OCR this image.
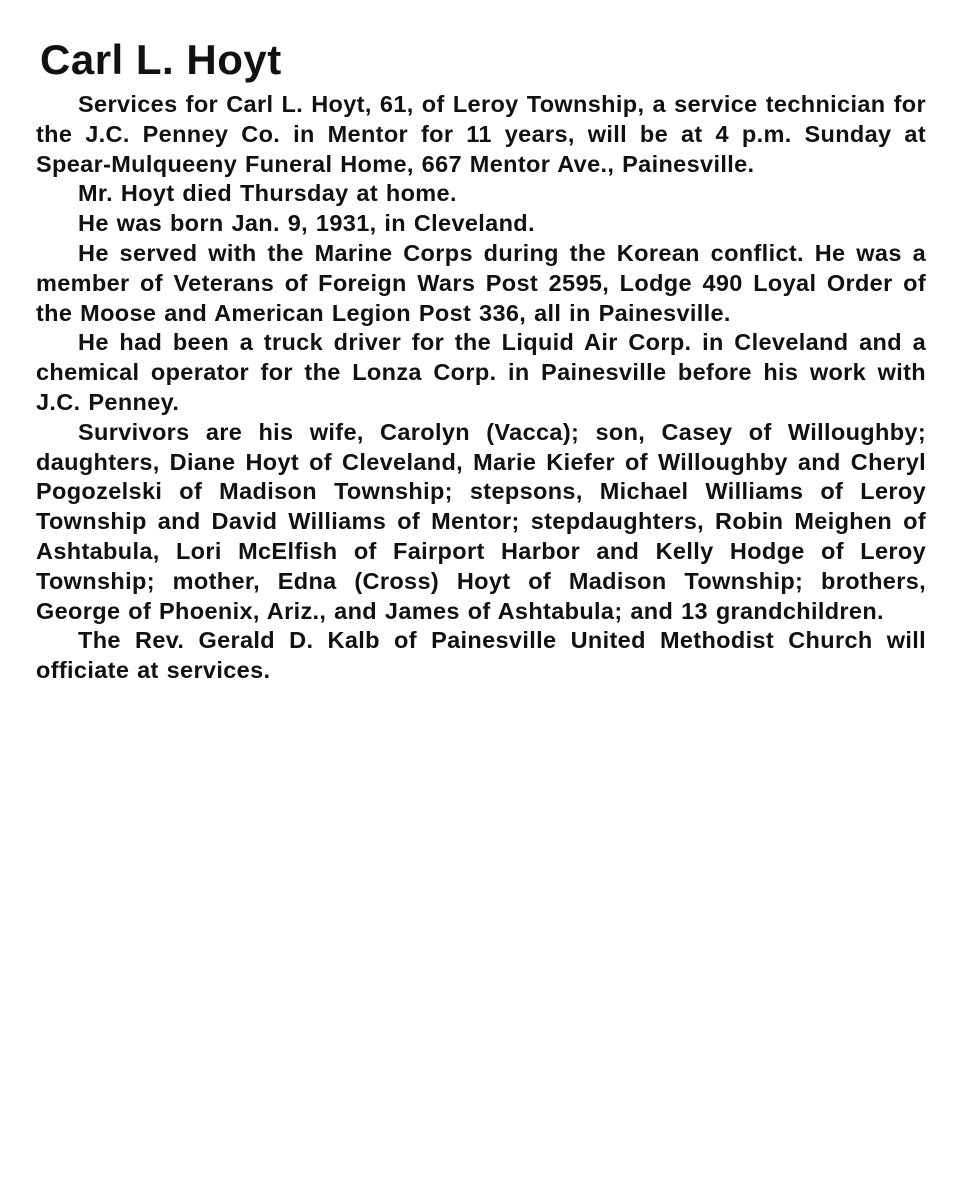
Carl L. Hoyt

Services for Carl L. Hoyt, 61, of Leroy Township, a service technician for the J.C. Penney Co. in Mentor for 11 years, will be at 4 p.m. Sunday at Spear-Mulqueeny Funeral Home, 667 Mentor Ave., Painesville.

Mr. Hoyt died Thursday at home.

He was born Jan. 9, 1931, in Cleveland.

He served with the Marine Corps during the Korean conflict. He was a member of Veterans of Foreign Wars Post 2595, Lodge 490 Loyal Order of the Moose and American Legion Post 336, all in Painesville.

He had been a truck driver for the Liquid Air Corp. in Cleveland and a chemical operator for the Lonza Corp. in Painesville before his work with J.C. Penney.

Survivors are his wife, Carolyn (Vacca); son, Casey of Willoughby; daughters, Diane Hoyt of Cleveland, Marie Kiefer of Willoughby and Cheryl Pogozelski of Madison Township; stepsons, Michael Williams of Leroy Township and David Williams of Mentor; stepdaughters, Robin Meighen of Ashtabula, Lori McElfish of Fairport Harbor and Kelly Hodge of Leroy Township; mother, Edna (Cross) Hoyt of Madison Township; brothers, George of Phoenix, Ariz., and James of Ashtabula; and 13 grandchildren.

The Rev. Gerald D. Kalb of Painesville United Methodist Church will officiate at services.
